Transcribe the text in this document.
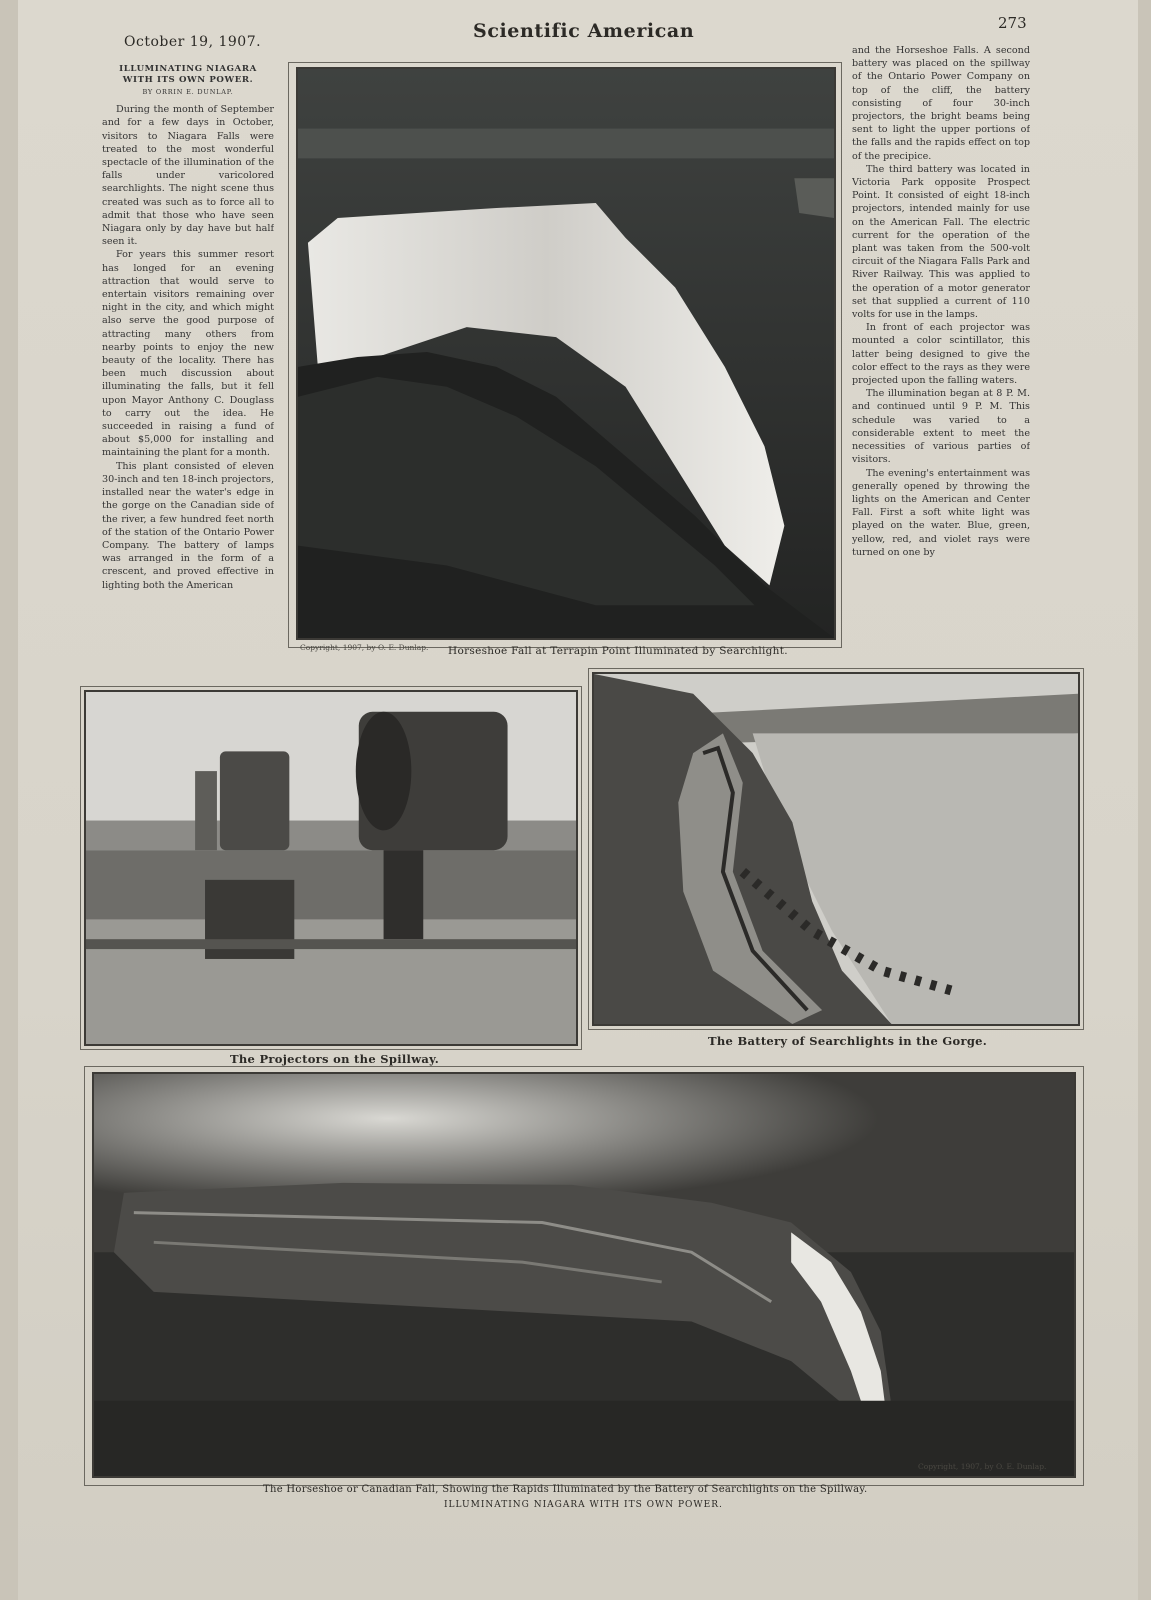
October 19, 1907.	Scientific American	273
ILLUMINATING NIAGARA
WITH ITS OWN POWER.
BY ORRIN E. DUNLAP.

During the month of September and for a few days in October, visitors to Niagara Falls were treated to the most wonderful spectacle of the illumination of the falls under varicolored searchlights. The night scene thus created was such as to force all to admit that those who have seen Niagara only by day have but half seen it.

For years this summer resort has longed for an evening attraction that would serve to entertain visitors remaining over night in the city, and which might also serve the good purpose of attracting many others from nearby points to enjoy the new beauty of the locality. There has been much discussion about illuminating the falls, but it fell upon Mayor Anthony C. Douglass to carry out the idea. He succeeded in raising a fund of about $5,000 for installing and maintaining the plant for a month.

This plant consisted of eleven 30-inch and ten 18-inch projectors, installed near the water's edge in the gorge on the Canadian side of the river, a few hundred feet north of the station of the Ontario Power Company. The battery of lamps was arranged in the form of a crescent, and proved effective in lighting both the American

and the Horseshoe Falls. A second battery was placed on the spillway of the Ontario Power Company on top of the cliff, the battery consisting of four 30-inch projectors, the bright beams being sent to light the upper portions of the falls and the rapids effect on top of the precipice.

The third battery was located in Victoria Park opposite Prospect Point. It consisted of eight 18-inch projectors, intended mainly for use on the American Fall. The electric current for the operation of the plant was taken from the 500-volt circuit of the Niagara Falls Park and River Railway. This was applied to the operation of a motor generator set that supplied a current of 110 volts for use in the lamps.

In front of each projector was mounted a color scintillator, this latter being designed to give the color effect to the rays as they were projected upon the falling waters.

The illumination began at 8 P. M. and continued until 9 P. M. This schedule was varied to a considerable extent to meet the necessities of various parties of visitors.

The evening's entertainment was generally opened by throwing the lights on the American and Center Fall. First a soft white light was played on the water. Blue, green, yellow, red, and violet rays were turned on one by

Copyright, 1907, by O. E. Dunlap. Horseshoe Fall at Terrapin Point Illuminated by Searchlight.
The Projectors on the Spillway.
The Battery of Searchlights in the Gorge.
Copyright, 1907, by O. E. Dunlap.
The Horseshoe or Canadian Fall, Showing the Rapids Illuminated by the Battery of Searchlights on the Spillway.
ILLUMINATING NIAGARA WITH ITS OWN POWER.
